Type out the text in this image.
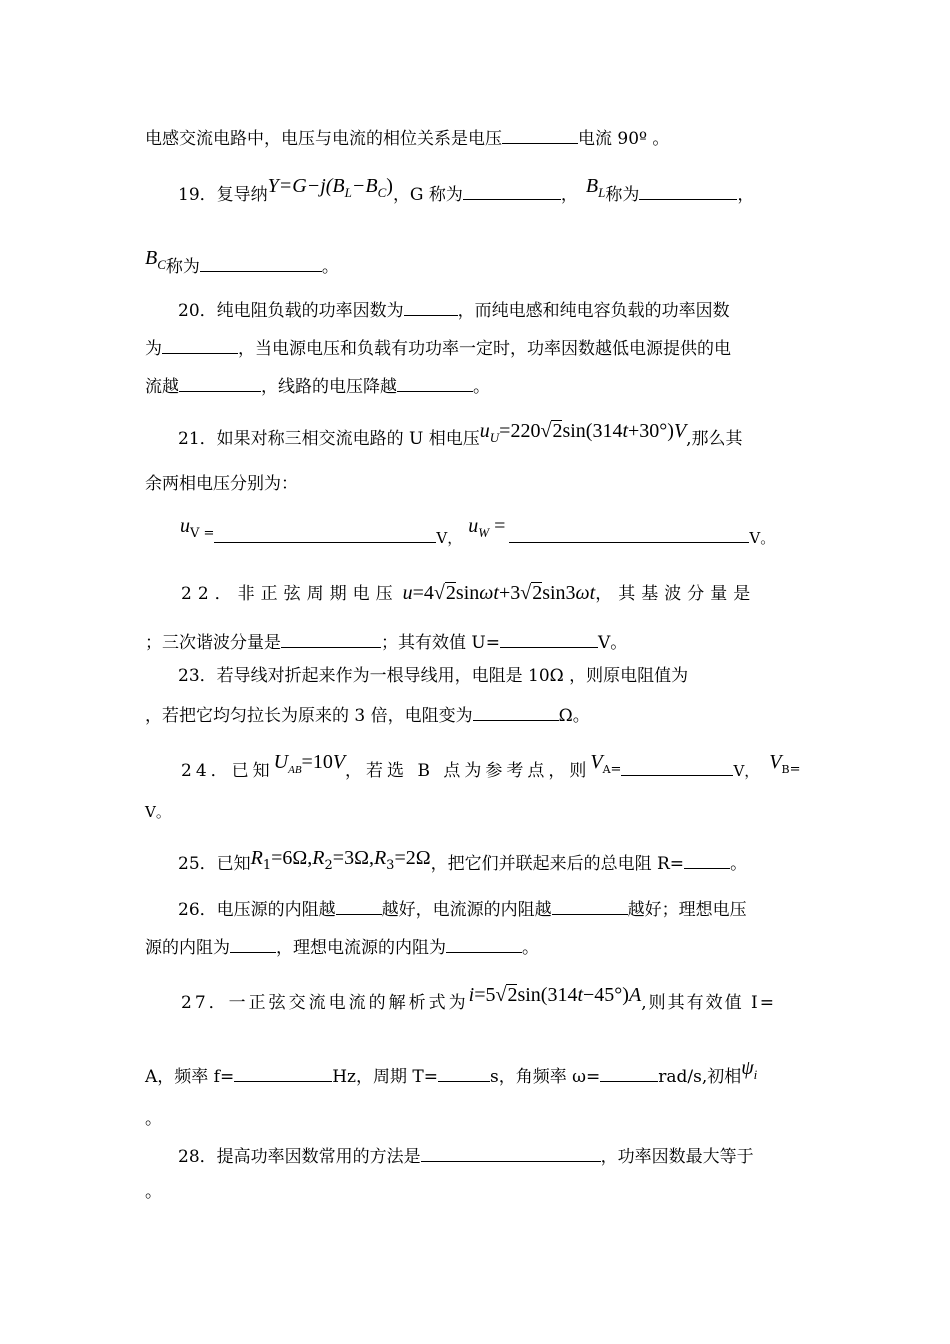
电感交流电路中，电压与电流的相位关系是电压	电流 90º 。
19．复导纳$Y=G-j(B_L-B_C)$，G 称为	， $B_L$称为	，
$B_C$称为	。
20．纯电阻负载的功率因数为	，而纯电感和纯电容负载的功率因数
为	，当电源电压和负载有功功率一定时，功率因数越低电源提供的电
流越	，线路的电压降越	。
21．如果对称三相交流电路的 U 相电压$u_U=220√2\sin(314t+30^\circ)V$,那么其
余两相电压分别为：
$u_V$ $_=$	V，$u_W =V$。
22．非正弦周期电压 u=4√2sinωt+3√2sin3ωt，其基波分量是
；三次谐波分量是	；其有效值 U=	V。
23．若导线对折起来作为一根导线用，电阻是 10Ω ，则原电阻值为
，若把它均匀拉长为原来的 3 倍，电阻变为	Ω。
24．已知$U_{AB}=10V$，若选 B 点为参考点，则$V_{A=}$	V， $V_{B=}$
V。
25．已知$R_1=6\Omega,R_2=3\Omega,R_3=2\Omega$，把它们并联起来后的总电阻 R=	。
26．电压源的内阻越	越好，电流源的内阻越	越好；理想电压
源的内阻为	，理想电流源的内阻为	。
27．一正弦交流电流的解析式为i=5√2sin(314t−45°)A,则其有效值 I=
A，频率 f=	Hz，周期 T=	s，角频率 ω=	rad/s,初相$\psi_i$
。
28．提高功率因数常用的方法是	，功率因数最大等于
。
